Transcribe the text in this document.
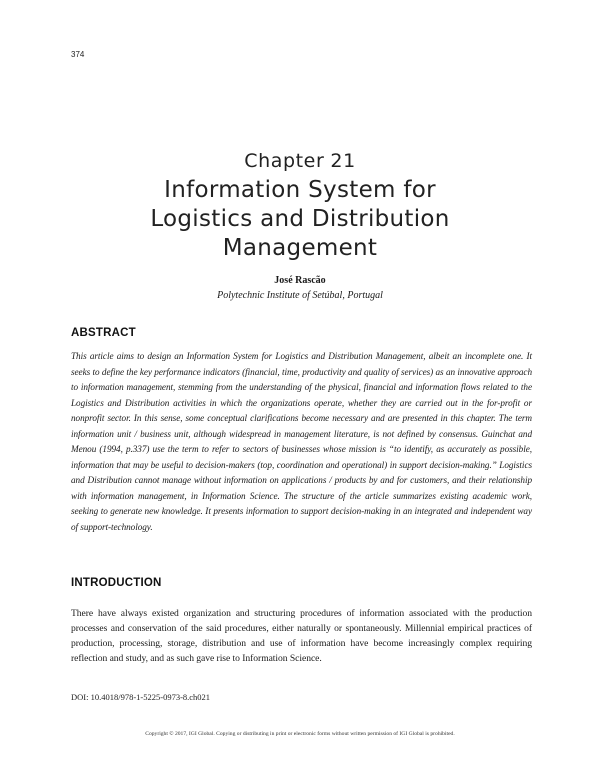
374
Chapter 21
Information System for
Logistics and Distribution
Management
José Rascão
Polytechnic Institute of Setúbal, Portugal
ABSTRACT
This article aims to design an Information System for Logistics and Distribution Management, albeit an incomplete one. It seeks to define the key performance indicators (financial, time, productivity and quality of services) as an innovative approach to information management, stemming from the understanding of the physical, financial and information flows related to the Logistics and Distribution activities in which the organizations operate, whether they are carried out in the for-profit or nonprofit sector. In this sense, some conceptual clarifications become necessary and are presented in this chapter. The term information unit / business unit, although widespread in management literature, is not defined by consensus. Guinchat and Menou (1994, p.337) use the term to refer to sectors of businesses whose mission is “to identify, as accurately as possible, information that may be useful to decision-makers (top, coordination and operational) in support decision-making.” Logistics and Distribution cannot manage without information on applications / products by and for customers, and their relationship with information management, in Information Science. The structure of the article summarizes existing academic work, seeking to generate new knowledge. It presents information to support decision-making in an integrated and independent way of support-technology.
INTRODUCTION
There have always existed organization and structuring procedures of information associated with the production processes and conservation of the said procedures, either naturally or spontaneously. Millennial empirical practices of production, processing, storage, distribution and use of information have become increasingly complex requiring reflection and study, and as such gave rise to Information Science.
DOI: 10.4018/978-1-5225-0973-8.ch021
Copyright © 2017, IGI Global. Copying or distributing in print or electronic forms without written permission of IGI Global is prohibited.
